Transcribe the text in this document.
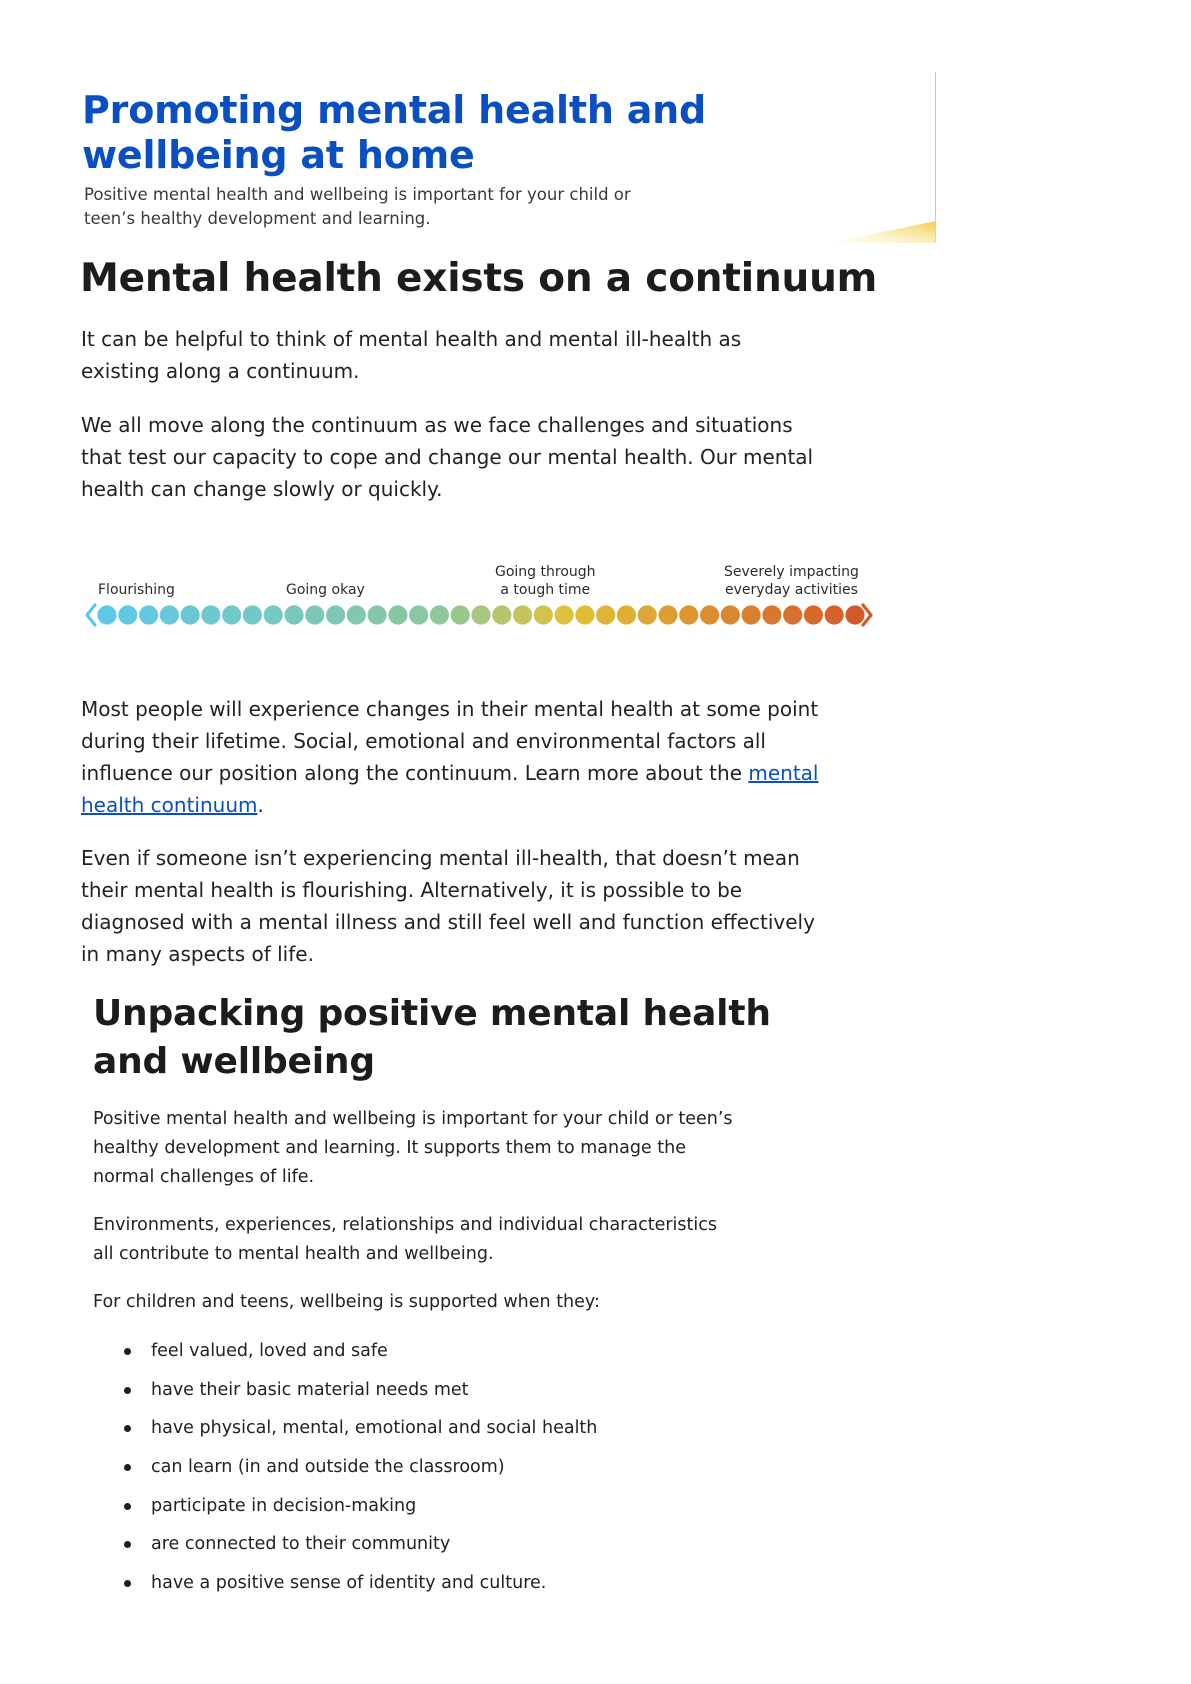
Promoting mental health and
wellbeing at home

Positive mental health and wellbeing is important for your child or
teen’s healthy development and learning.

Mental health exists on a continuum

It can be helpful to think of mental health and mental ill-health as
existing along a continuum.

We all move along the continuum as we face challenges and situations
that test our capacity to cope and change our mental health. Our mental
health can change slowly or quickly.

Flourishing	Going okay
Going through
a tough time
Severely impacting
everyday activities

Most people will experience changes in their mental health at some point
during their lifetime. Social, emotional and environmental factors all
influence our position along the continuum. Learn more about the mental
health continuum.

Even if someone isn’t experiencing mental ill-health, that doesn’t mean
their mental health is flourishing. Alternatively, it is possible to be
diagnosed with a mental illness and still feel well and function effectively
in many aspects of life.

Unpacking positive mental health
and wellbeing

Positive mental health and wellbeing is important for your child or teen’s
healthy development and learning. It supports them to manage the
normal challenges of life.

Environments, experiences, relationships and individual characteristics
all contribute to mental health and wellbeing.

For children and teens, wellbeing is supported when they:

feel valued, loved and safe
have their basic material needs met
have physical, mental, emotional and social health
can learn (in and outside the classroom)
participate in decision-making
are connected to their community
have a positive sense of identity and culture.
